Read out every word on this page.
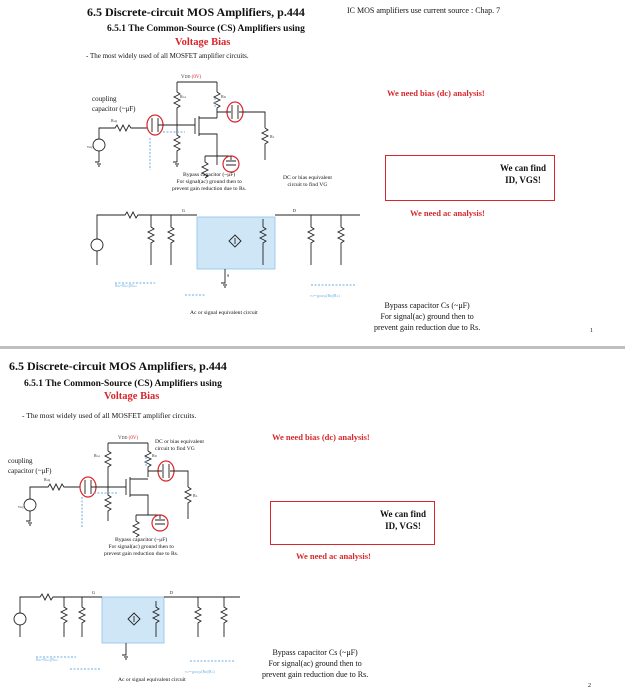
6.5 Discrete-circuit MOS Amplifiers, p.444	IC MOS amplifiers use current source : Chap. 7
6.5.1 The Common-Source (CS) Amplifiers using
Voltage Bias
- The most widely used of all MOSFET amplifier circuits.
We need bias (dc) analysis!
We can find
ID, VGS!
We need ac analysis!
coupling
capacitor (~μF)
VDD (0V)
vsig
Rsig
RG1	RD
RL
Bypass capacitor (~μF)
For signal(ac) ground then to
prevent gain reduction due to Rs.
DC or bias equivalent
circuit to find VG
G	D
S
Rin=RG1||RG2
vo=-gmvgs(RD||RL)
Ac or signal equivalent circuit
Bypass capacitor Cs (~μF)
For signal(ac) ground then to
prevent gain reduction due to Rs.	1
6.5 Discrete-circuit MOS Amplifiers, p.444
6.5.1 The Common-Source (CS) Amplifiers using
Voltage Bias
- The most widely used of all MOSFET amplifier circuits.
We need bias (dc) analysis!
We can find
ID, VGS!
We need ac analysis!
coupling
capacitor (~μF)
DC or bias equivalent
circuit to find VG
VDD (0V)
vsig
Rsig
RG1	RD
RL
Bypass capacitor (~μF)
For signal(ac) ground then to
prevent gain reduction due to Rs.
G	D
Rin=RG1||RG2
vo=-gmvgs(RD||RL)
Ac or signal equivalent circuit
Bypass capacitor Cs (~μF)
For signal(ac) ground then to
prevent gain reduction due to Rs.
2
